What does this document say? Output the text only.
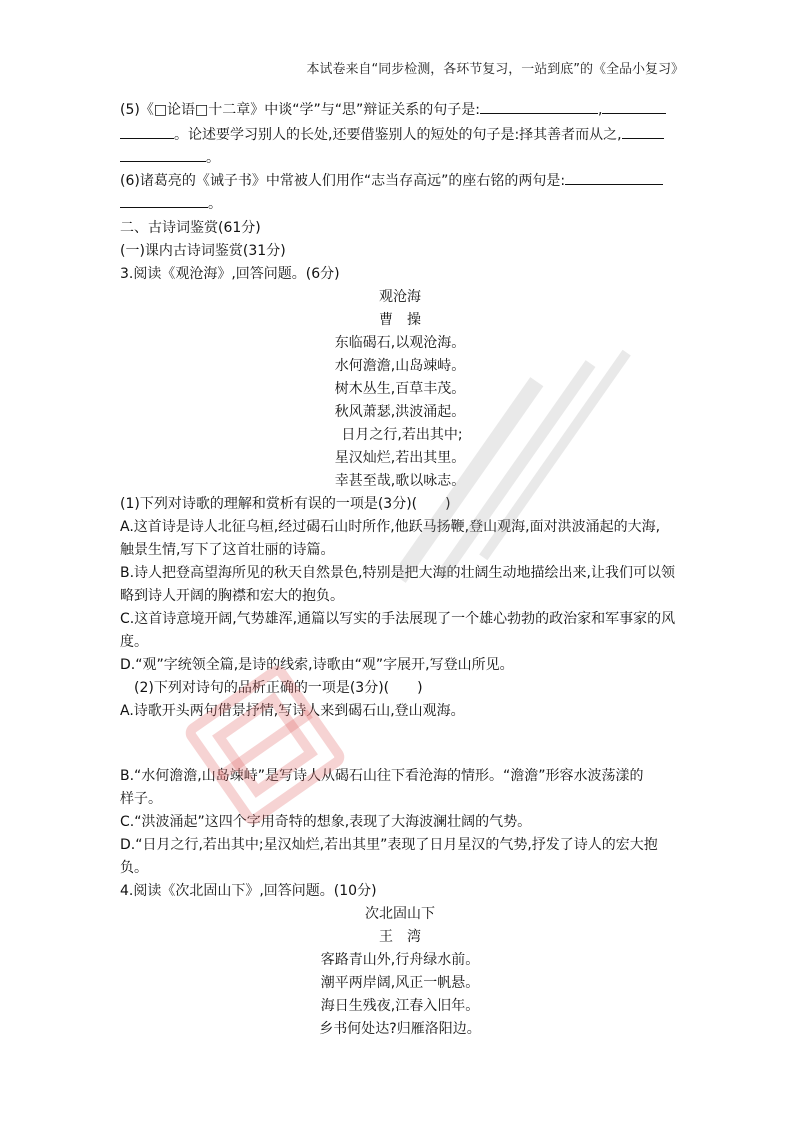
本试卷来自“同步检测，各环节复习，一站到底”的《全品小复习》
(5)《□论语□十二章》中谈“学”与“思”辩证关系的句子是:	,
。论述要学习别人的长处,还要借鉴别人的短处的句子是:择其善者而从之,
。
(6)诸葛亮的《诫子书》中常被人们用作“志当存高远”的座右铭的两句是:
。
二、古诗词鉴赏(61分)
(一)课内古诗词鉴赏(31分)
3.阅读《观沧海》,回答问题。(6分)
观沧海
曹　操
东临碣石,以观沧海。
水何澹澹,山岛竦峙。
树木丛生,百草丰茂。
秋风萧瑟,洪波涌起。
日月之行,若出其中;
星汉灿烂,若出其里。
幸甚至哉,歌以咏志。
(1)下列对诗歌的理解和赏析有误的一项是(3分)(　　)
A.这首诗是诗人北征乌桓,经过碣石山时所作,他跃马扬鞭,登山观海,面对洪波涌起的大海,
触景生情,写下了这首壮丽的诗篇。
B.诗人把登高望海所见的秋天自然景色,特别是把大海的壮阔生动地描绘出来,让我们可以领
略到诗人开阔的胸襟和宏大的抱负。
C.这首诗意境开阔,气势雄浑,通篇以写实的手法展现了一个雄心勃勃的政治家和军事家的风
度。
D.“观”字统领全篇,是诗的线索,诗歌由“观”字展开,写登山所见。
(2)下列对诗句的品析正确的一项是(3分)(　　)
A.诗歌开头两句借景抒情,写诗人来到碣石山,登山观海。
B.“水何澹澹,山岛竦峙”是写诗人从碣石山往下看沧海的情形。“澹澹”形容水波荡漾的
样子。
C.“洪波涌起”这四个字用奇特的想象,表现了大海波澜壮阔的气势。
D.“日月之行,若出其中;星汉灿烂,若出其里”表现了日月星汉的气势,抒发了诗人的宏大抱
负。
4.阅读《次北固山下》,回答问题。(10分)
次北固山下
王　湾
客路青山外,行舟绿水前。
潮平两岸阔,风正一帆悬。
海日生残夜,江春入旧年。
乡书何处达?归雁洛阳边。
